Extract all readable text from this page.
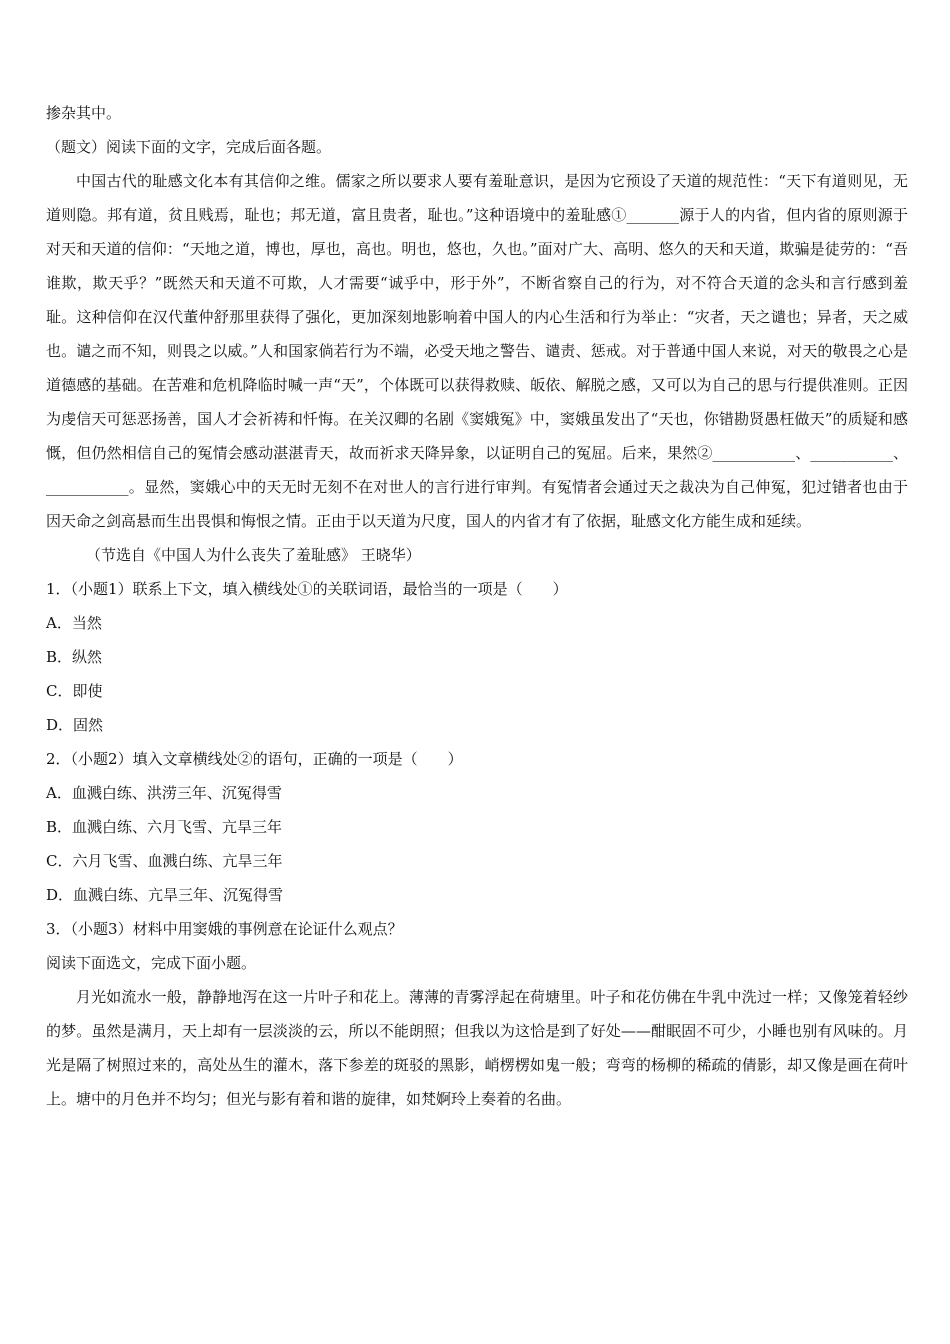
掺杂其中。
（题文）阅读下面的文字，完成后面各题。
中国古代的耻感文化本有其信仰之维。儒家之所以要求人要有羞耻意识，是因为它预设了天道的规范性：“天下有道则见，无道则隐。邦有道，贫且贱焉，耻也；邦无道，富且贵者，耻也。”这种语境中的羞耻感①_______源于人的内省，但内省的原则源于对天和天道的信仰：“天地之道，博也，厚也，高也。明也，悠也，久也。”面对广大、高明、悠久的天和天道，欺骗是徒劳的：“吾谁欺，欺天乎？”既然天和天道不可欺，人才需要“诚乎中，形于外”，不断省察自己的行为，对不符合天道的念头和言行感到羞耻。这种信仰在汉代董仲舒那里获得了强化，更加深刻地影响着中国人的内心生活和行为举止：“灾者，天之谴也；异者，天之威也。谴之而不知，则畏之以威。”人和国家倘若行为不端，必受天地之警告、谴责、惩戒。对于普通中国人来说，对天的敬畏之心是道德感的基础。在苦难和危机降临时喊一声“天”，个体既可以获得救赎、皈依、解脱之感，又可以为自己的思与行提供准则。正因为虔信天可惩恶扬善，国人才会祈祷和忏悔。在关汉卿的名剧《窦娥冤》中，窦娥虽发出了“天也，你错勘贤愚枉做天”的质疑和感慨，但仍然相信自己的冤情会感动湛湛青天，故而祈求天降异象，以证明自己的冤屈。后来，果然②___________、___________、___________。显然，窦娥心中的天无时无刻不在对世人的言行进行审判。有冤情者会通过天之裁决为自己伸冤，犯过错者也由于因天命之剑高悬而生出畏惧和悔恨之情。正由于以天道为尺度，国人的内省才有了依据，耻感文化方能生成和延续。
（节选自《中国人为什么丧失了羞耻感》 王晓华）
1．（小题1）联系上下文，填入横线处①的关联词语，最恰当的一项是（　　）
A．当然
B．纵然
C．即使
D．固然
2．（小题2）填入文章横线处②的语句，正确的一项是（　　）
A．血溅白练、洪涝三年、沉冤得雪
B．血溅白练、六月飞雪、亢旱三年
C．六月飞雪、血溅白练、亢旱三年
D．血溅白练、亢旱三年、沉冤得雪
3．（小题3）材料中用窦娥的事例意在论证什么观点？
阅读下面选文，完成下面小题。
月光如流水一般，静静地泻在这一片叶子和花上。薄薄的青雾浮起在荷塘里。叶子和花仿佛在牛乳中洗过一样；又像笼着轻纱的梦。虽然是满月，天上却有一层淡淡的云，所以不能朗照；但我以为这恰是到了好处——酣眠固不可少，小睡也别有风味的。月光是隔了树照过来的，高处丛生的灌木，落下参差的斑驳的黑影，峭楞楞如鬼一般；弯弯的杨柳的稀疏的倩影，却又像是画在荷叶上。塘中的月色并不均匀；但光与影有着和谐的旋律，如梵婀玲上奏着的名曲。
